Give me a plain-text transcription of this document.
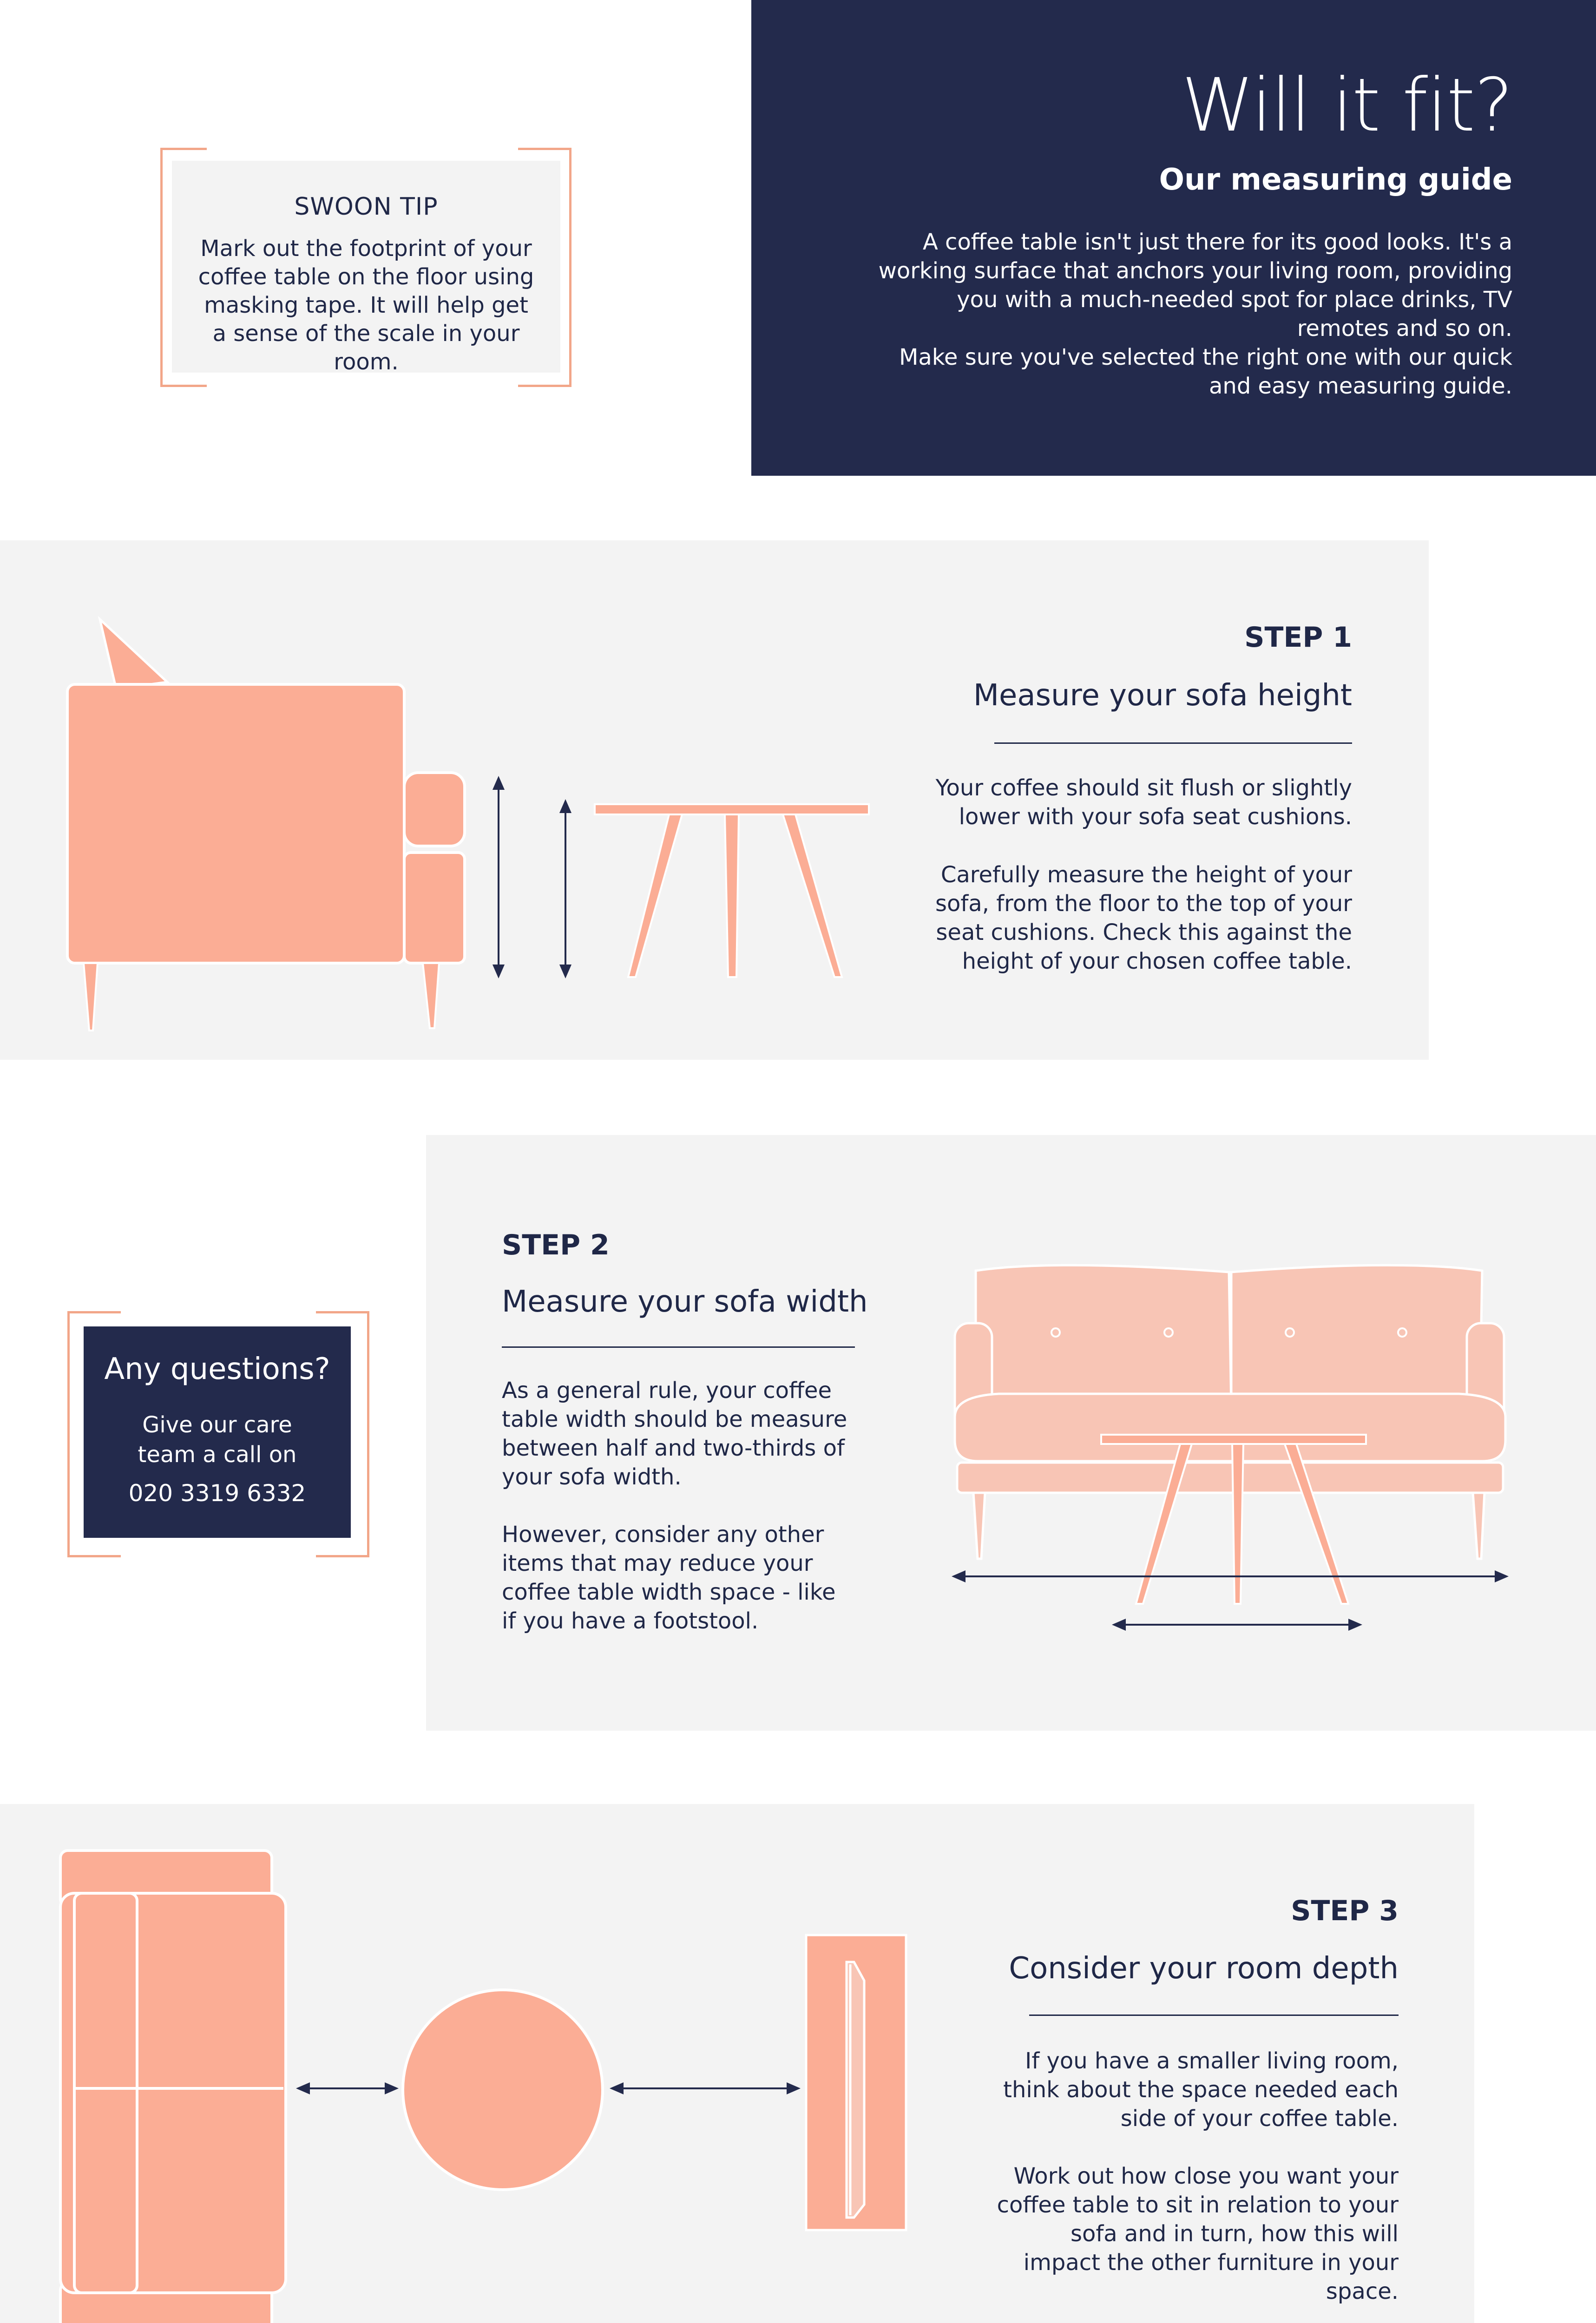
Will it fit?
Our measuring guide
A coffee table isn't just there for its good looks. It's a working surface that anchors your living room, providing you with a much-needed spot for place drinks, TV remotes and so on.
Make sure you've selected the right one with our quick and easy measuring guide.
SWOON TIP
Mark out the footprint of your coffee table on the floor using masking tape. It will help get a sense of the scale in your room.
STEP 1
Measure your sofa height
Your coffee should sit flush or slightly lower with your sofa seat cushions.
Carefully measure the height of your sofa, from the floor to the top of your seat cushions. Check this against the height of your chosen coffee table.
STEP 2
Measure your sofa width
As a general rule, your coffee table width should be measure between half and two-thirds of your sofa width.
However, consider any other items that may reduce your coffee table width space - like if you have a footstool.
Any questions?
Give our care team a call on
020 3319 6332
STEP 3
Consider your room depth
If you have a smaller living room, think about the space needed each side of your coffee table.
Work out how close you want your coffee table to sit in relation to your sofa and in turn, how this will impact the other furniture in your space.
